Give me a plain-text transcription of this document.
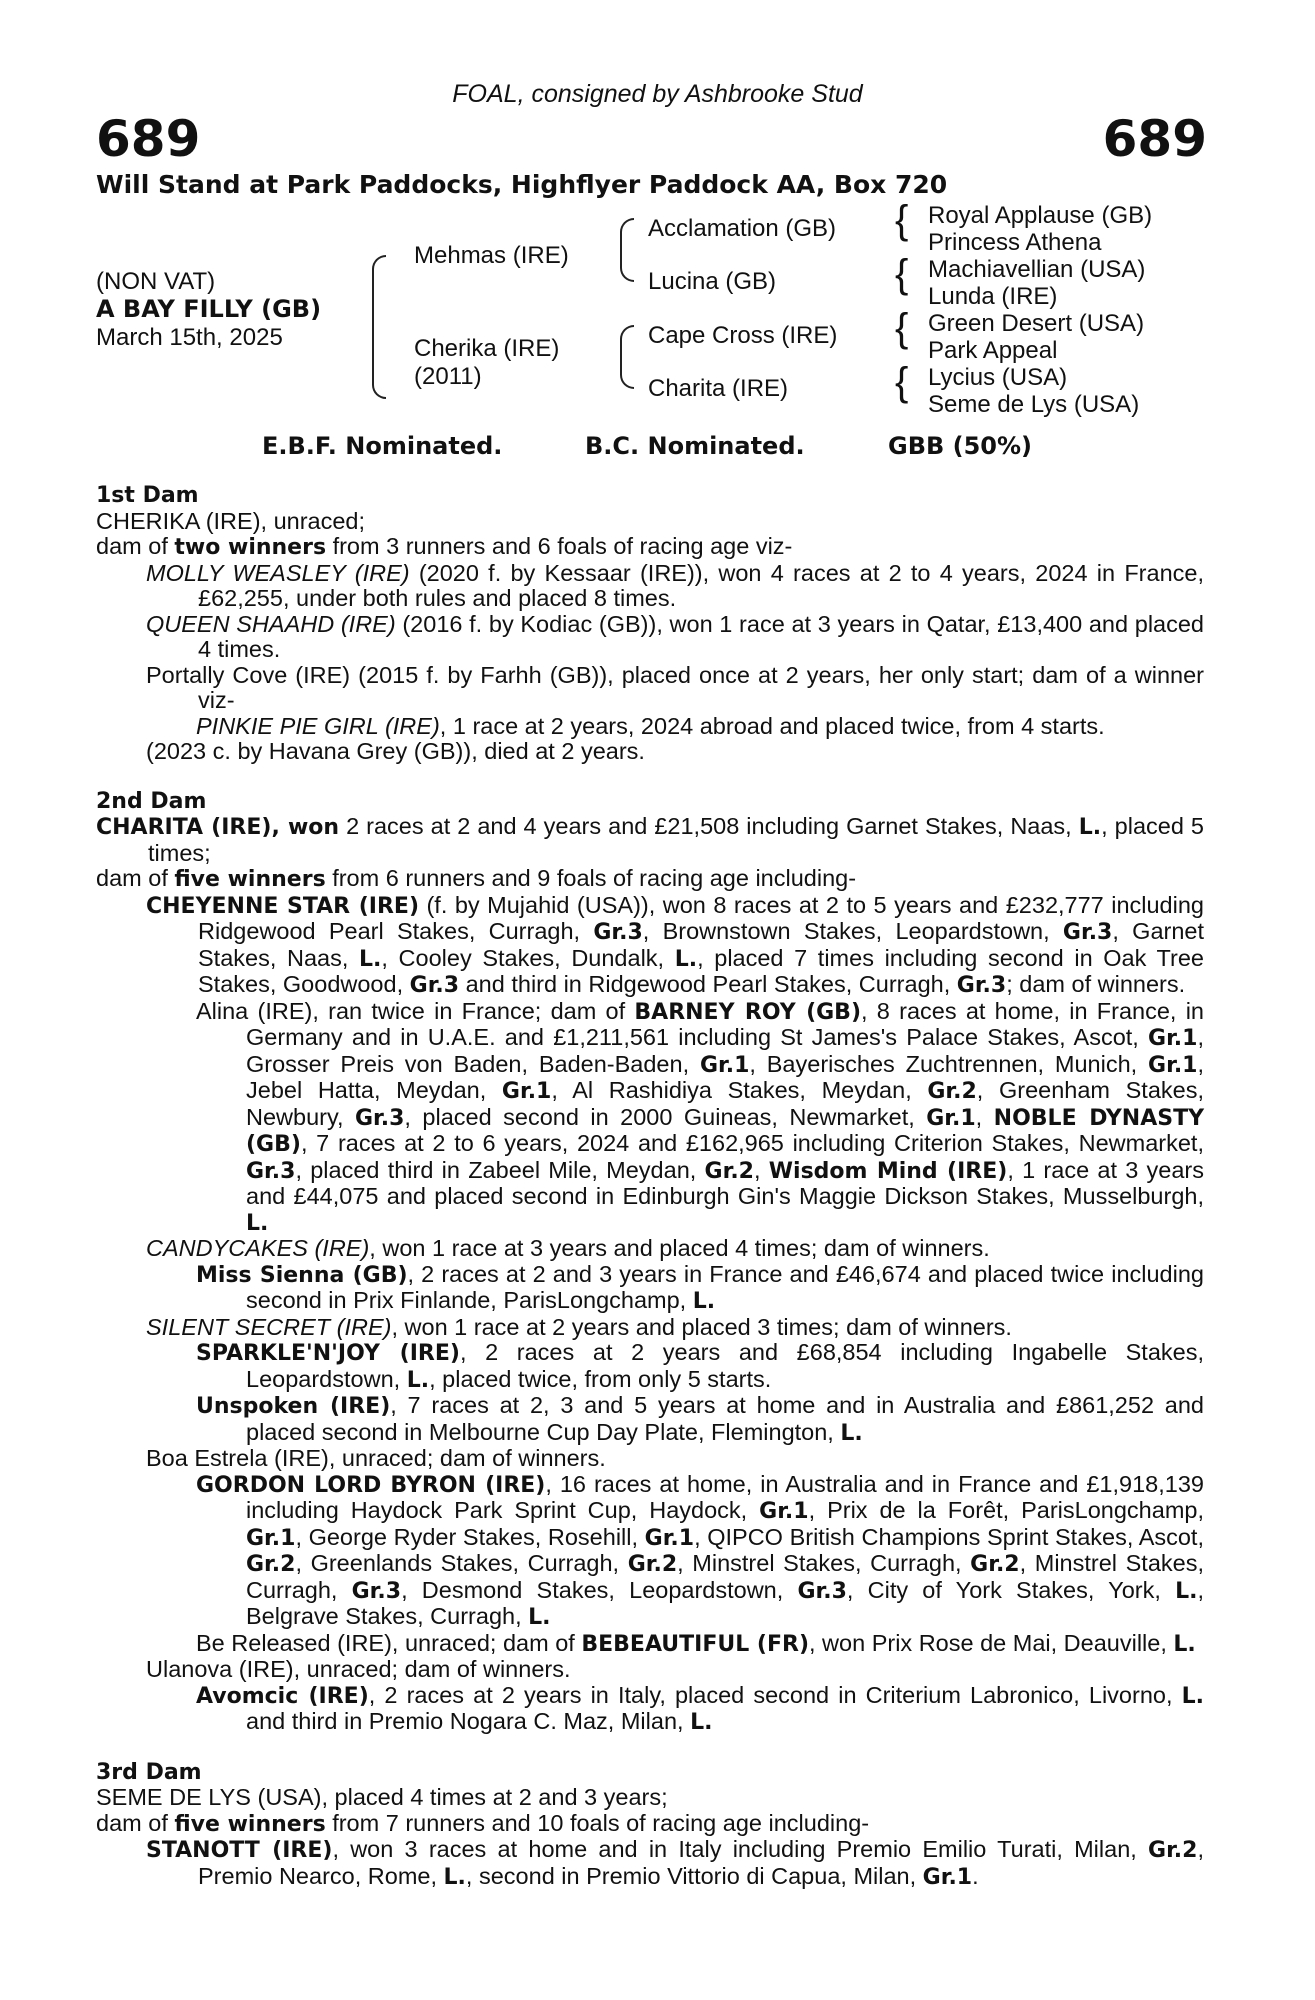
FOAL, consigned by Ashbrooke Stud
689	689
Will Stand at Park Paddocks, Highflyer Paddock AA, Box 720
(NON VAT)
A BAY FILLY (GB)
March 15th, 2025
Mehmas (IRE)
Cherika (IRE)
(2011)
Acclamation (GB)
Lucina (GB)
Cape Cross (IRE)
Charita (IRE)
{
{
{
{
Royal Applause (GB)
Princess Athena
Machiavellian (USA)
Lunda (IRE)
Green Desert (USA)
Park Appeal
Lycius (USA)
Seme de Lys (USA)
E.B.F. Nominated.	B.C. Nominated.	GBB (50%)

1st Dam

CHERIKA (IRE), unraced;

dam of two winners from 3 runners and 6 foals of racing age viz-

MOLLY WEASLEY (IRE) (2020 f. by Kessaar (IRE)), won 4 races at 2 to 4 years, 2024 in France, £62,255, under both rules and placed 8 times.

QUEEN SHAAHD (IRE) (2016 f. by Kodiac (GB)), won 1 race at 3 years in Qatar, £13,400 and placed 4 times.

Portally Cove (IRE) (2015 f. by Farhh (GB)), placed once at 2 years, her only start; dam of a winner viz-

PINKIE PIE GIRL (IRE), 1 race at 2 years, 2024 abroad and placed twice, from 4 starts.

(2023 c. by Havana Grey (GB)), died at 2 years.

2nd Dam

CHARITA (IRE), won 2 races at 2 and 4 years and £21,508 including Garnet Stakes, Naas, L., placed 5 times;

dam of five winners from 6 runners and 9 foals of racing age including-

CHEYENNE STAR (IRE) (f. by Mujahid (USA)), won 8 races at 2 to 5 years and £232,777 including Ridgewood Pearl Stakes, Curragh, Gr.3, Brownstown Stakes, Leopardstown, Gr.3, Garnet Stakes, Naas, L., Cooley Stakes, Dundalk, L., placed 7 times including second in Oak Tree Stakes, Goodwood, Gr.3 and third in Ridgewood Pearl Stakes, Curragh, Gr.3; dam of winners.

Alina (IRE), ran twice in France; dam of BARNEY ROY (GB), 8 races at home, in France, in Germany and in U.A.E. and £1,211,561 including St James's Palace Stakes, Ascot, Gr.1, Grosser Preis von Baden, Baden-Baden, Gr.1, Bayerisches Zuchtrennen, Munich, Gr.1, Jebel Hatta, Meydan, Gr.1, Al Rashidiya Stakes, Meydan, Gr.2, Greenham Stakes, Newbury, Gr.3, placed second in 2000 Guineas, Newmarket, Gr.1, NOBLE DYNASTY (GB), 7 races at 2 to 6 years, 2024 and £162,965 including Criterion Stakes, Newmarket, Gr.3, placed third in Zabeel Mile, Meydan, Gr.2, Wisdom Mind (IRE), 1 race at 3 years and £44,075 and placed second in Edinburgh Gin's Maggie Dickson Stakes, Musselburgh, L.

CANDYCAKES (IRE), won 1 race at 3 years and placed 4 times; dam of winners.

Miss Sienna (GB), 2 races at 2 and 3 years in France and £46,674 and placed twice including second in Prix Finlande, ParisLongchamp, L.

SILENT SECRET (IRE), won 1 race at 2 years and placed 3 times; dam of winners.

SPARKLE'N'JOY (IRE), 2 races at 2 years and £68,854 including Ingabelle Stakes, Leopardstown, L., placed twice, from only 5 starts.

Unspoken (IRE), 7 races at 2, 3 and 5 years at home and in Australia and £861,252 and placed second in Melbourne Cup Day Plate, Flemington, L.

Boa Estrela (IRE), unraced; dam of winners.

GORDON LORD BYRON (IRE), 16 races at home, in Australia and in France and £1,918,139 including Haydock Park Sprint Cup, Haydock, Gr.1, Prix de la Forêt, ParisLongchamp, Gr.1, George Ryder Stakes, Rosehill, Gr.1, QIPCO British Champions Sprint Stakes, Ascot, Gr.2, Greenlands Stakes, Curragh, Gr.2, Minstrel Stakes, Curragh, Gr.2, Minstrel Stakes, Curragh, Gr.3, Desmond Stakes, Leopardstown, Gr.3, City of York Stakes, York, L., Belgrave Stakes, Curragh, L.

Be Released (IRE), unraced; dam of BEBEAUTIFUL (FR), won Prix Rose de Mai, Deauville, L.

Ulanova (IRE), unraced; dam of winners.

Avomcic (IRE), 2 races at 2 years in Italy, placed second in Criterium Labronico, Livorno, L. and third in Premio Nogara C. Maz, Milan, L.

3rd Dam

SEME DE LYS (USA), placed 4 times at 2 and 3 years;

dam of five winners from 7 runners and 10 foals of racing age including-

STANOTT (IRE), won 3 races at home and in Italy including Premio Emilio Turati, Milan, Gr.2, Premio Nearco, Rome, L., second in Premio Vittorio di Capua, Milan, Gr.1.
